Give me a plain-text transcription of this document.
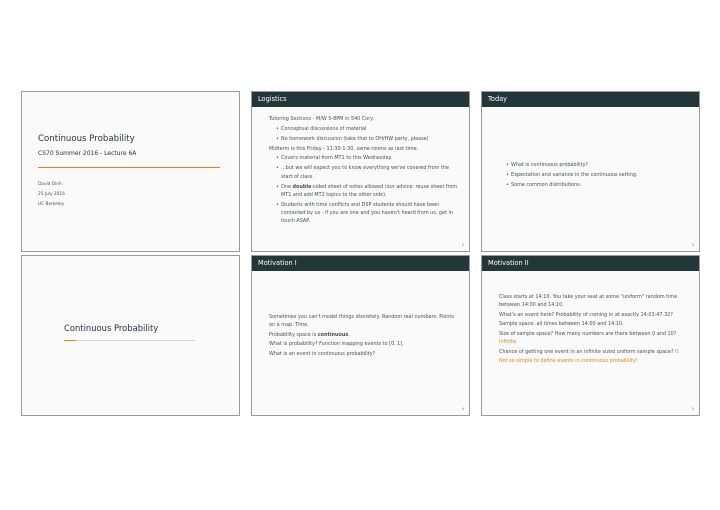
Continuous Probability
CS70 Summer 2016 - Lecture 6A
David Dinh
25 July 2016
UC Berkeley
Logistics
Tutoring Sections - M/W 5-8PM in 540 Cory.
• Conceptual discussions of material
• No homework discussion (take that to OH/HW party, please)
Midterm is this Friday - 11:30-1:30, same rooms as last time.
• Covers material from MT1 to this Wednesday.
• ...but we will expect you to know everything we've covered from the start of class.
• One double-sided sheet of notes allowed (our advice: reuse sheet from MT1 and add MT2 topics to the other side).
• Students with time conflicts and DSP students should have been contacted by us - if you are one and you haven't heard from us, get in touch ASAP.
2
Today
• What is continuous probability?
• Expectation and variance in the continuous setting.
• Some common distributions.
3
Continuous Probability
Motivation I
Sometimes you can't model things discretely. Random real numbers. Points on a map. Time.
Probability space is continuous.
What is probability? Function mapping events to [0, 1].
What is an event in continuous probability?
4
Motivation II
Class starts at 14:10. You take your seat at some "uniform" random time between 14:00 and 14:10.
What's an event here? Probability of coming in at exactly 14:03:47.32?
Sample space: all times between 14:00 and 14:10.
Size of sample space? How many numbers are there between 0 and 10? Infinite.
Chance of getting one event in an infinite sized uniform sample space? 0.
Not so simple to define events in continuous probability!
5
